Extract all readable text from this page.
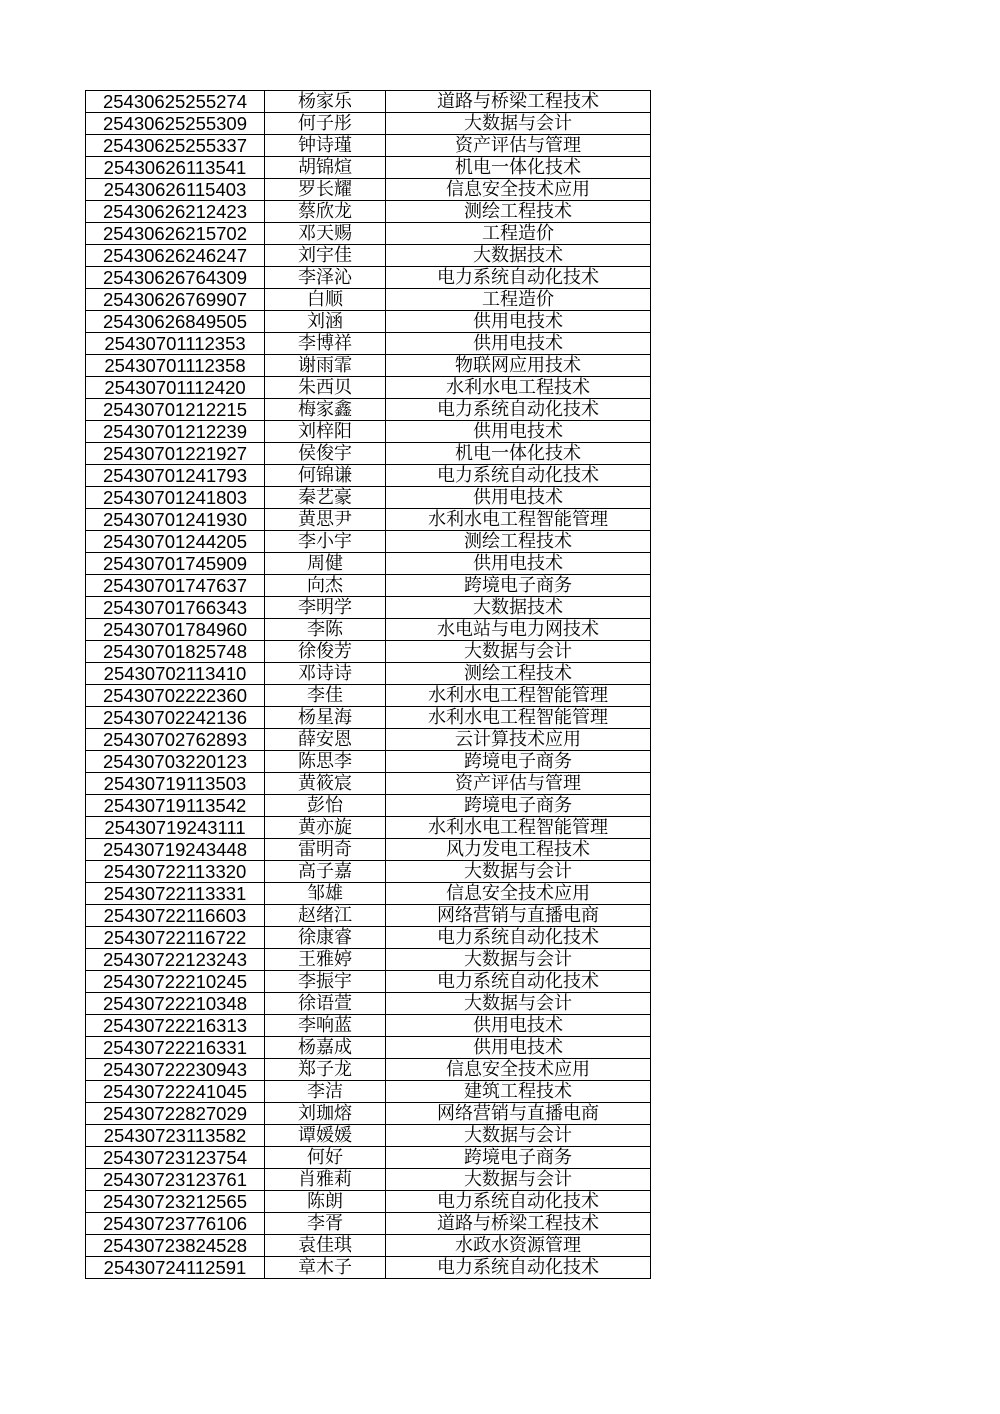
25430625255274	杨家乐	道路与桥梁工程技术
25430625255309	何子彤	大数据与会计
25430625255337	钟诗瑾	资产评估与管理
25430626113541	胡锦煊	机电一体化技术
25430626115403	罗长耀	信息安全技术应用
25430626212423	蔡欣龙	测绘工程技术
25430626215702	邓天赐	工程造价
25430626246247	刘宇佳	大数据技术
25430626764309	李泽沁	电力系统自动化技术
25430626769907	白顺	工程造价
25430626849505	刘涵	供用电技术
25430701112353	李博祥	供用电技术
25430701112358	谢雨霏	物联网应用技术
25430701112420	朱西贝	水利水电工程技术
25430701212215	梅家鑫	电力系统自动化技术
25430701212239	刘梓阳	供用电技术
25430701221927	侯俊宇	机电一体化技术
25430701241793	何锦谦	电力系统自动化技术
25430701241803	秦艺豪	供用电技术
25430701241930	黄思尹	水利水电工程智能管理
25430701244205	李小宇	测绘工程技术
25430701745909	周健	供用电技术
25430701747637	向杰	跨境电子商务
25430701766343	李明学	大数据技术
25430701784960	李陈	水电站与电力网技术
25430701825748	徐俊芳	大数据与会计
25430702113410	邓诗诗	测绘工程技术
25430702222360	李佳	水利水电工程智能管理
25430702242136	杨星海	水利水电工程智能管理
25430702762893	薛安恩	云计算技术应用
25430703220123	陈思李	跨境电子商务
25430719113503	黄筱宸	资产评估与管理
25430719113542	彭怡	跨境电子商务
25430719243111	黄亦旋	水利水电工程智能管理
25430719243448	雷明奇	风力发电工程技术
25430722113320	高子嘉	大数据与会计
25430722113331	邹雄	信息安全技术应用
25430722116603	赵绪江	网络营销与直播电商
25430722116722	徐康睿	电力系统自动化技术
25430722123243	王雅婷	大数据与会计
25430722210245	李振宇	电力系统自动化技术
25430722210348	徐语萱	大数据与会计
25430722216313	李响蓝	供用电技术
25430722216331	杨嘉成	供用电技术
25430722230943	郑子龙	信息安全技术应用
25430722241045	李洁	建筑工程技术
25430722827029	刘珈熔	网络营销与直播电商
25430723113582	谭媛媛	大数据与会计
25430723123754	何好	跨境电子商务
25430723123761	肖雅莉	大数据与会计
25430723212565	陈朗	电力系统自动化技术
25430723776106	李胥	道路与桥梁工程技术
25430723824528	袁佳琪	水政水资源管理
25430724112591	章木子	电力系统自动化技术
